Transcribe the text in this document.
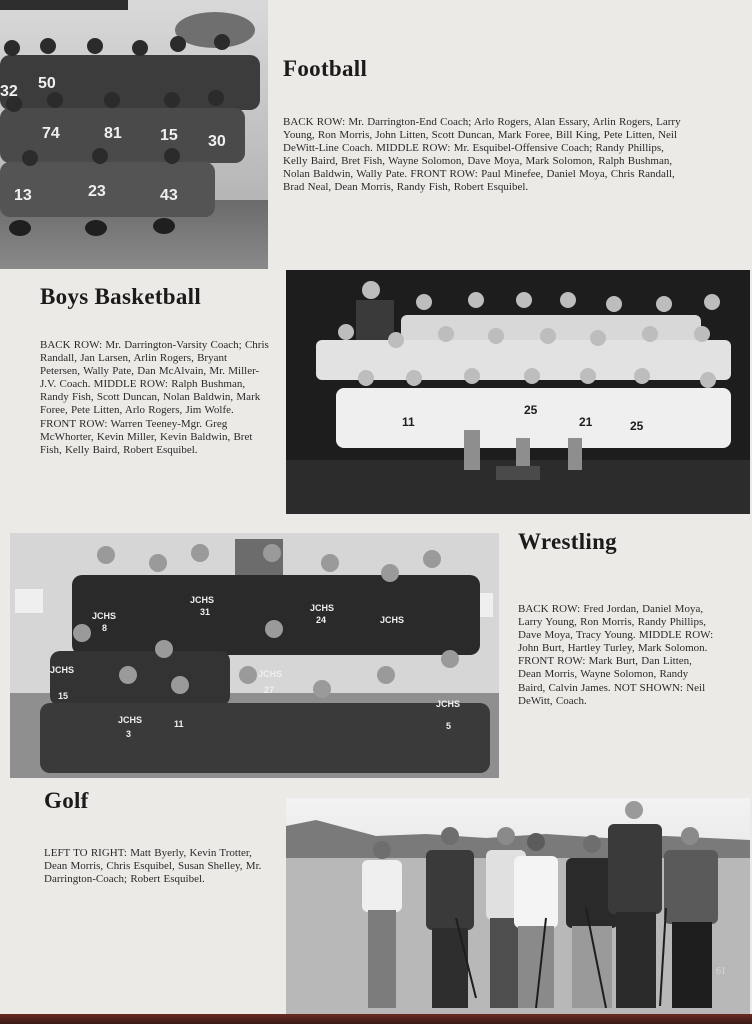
32 50
74	81 15 30
13	23	43
Football

BACK ROW: Mr. Darrington-End Coach; Arlo Rogers, Alan Essary, Arlin Rogers, Larry Young, Ron Morris, John Litten, Scott Duncan, Mark Foree, Bill King, Pete Litten, Neil DeWitt-Line Coach. MIDDLE ROW: Mr. Esquibel-Offensive Coach; Randy Phillips, Kelly Baird, Bret Fish, Wayne Solomon, Dave Moya, Mark Solomon, Ralph Bushman, Nolan Baldwin, Wally Pate. FRONT ROW: Paul Minefee, Daniel Moya, Chris Randall, Brad Neal, Dean Morris, Randy Fish, Robert Esquibel.

Boys Basketball

BACK ROW: Mr. Darrington-Varsity Coach; Chris Randall, Jan Larsen, Arlin Rogers, Bryant Petersen, Wally Pate, Dan McAlvain, Mr. Miller-J.V. Coach. MIDDLE ROW: Ralph Bushman, Randy Fish, Scott Duncan, Nolan Baldwin, Mark Foree, Pete Litten, Arlo Rogers, Jim Wolfe. FRONT ROW: Warren Teeney-Mgr. Greg McWhorter, Kevin Miller, Kevin Baldwin, Bret Fish, Kelly Baird, Robert Esquibel.

11
25
21	25
JCHS
8
JCHS
31	JCHS
24	JCHS
JCHS
15
JCHS
27
JCHS
3
11
JCHS
5
Wrestling

BACK ROW: Fred Jordan, Daniel Moya, Larry Young, Ron Morris, Randy Phillips, Dave Moya, Tracy Young. MIDDLE ROW: John Burt, Hartley Turley, Mark Solomon. FRONT ROW: Mark Burt, Dan Litten, Dean Morris, Wayne Solomon, Randy Baird, Calvin James. NOT SHOWN: Neil DeWitt, Coach.

Golf

LEFT TO RIGHT: Matt Byerly, Kevin Trotter, Dean Morris, Chris Esquibel, Susan Shelley, Mr. Darrington-Coach; Robert Esquibel.

61
